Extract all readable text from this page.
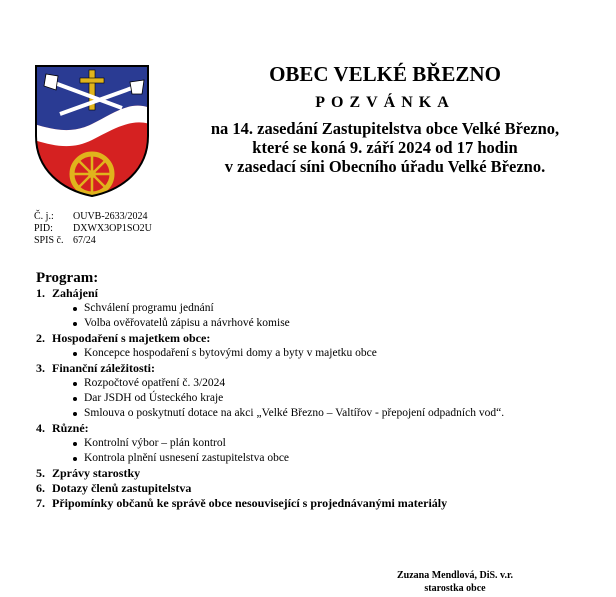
OBEC VELKÉ BŘEZNO
POZVÁNKA
na 14. zasedání Zastupitelstva obce Velké Březno,
které se koná 9. září 2024 od 17 hodin
v zasedací síni Obecního úřadu Velké Březno.
Č. j.: OUVB-2633/2024
PID: DXWX3OP1SO2U
SPIS č. 67/24
Program:
1. Zahájení
Schválení programu jednání
Volba ověřovatelů zápisu a návrhové komise
2. Hospodaření s majetkem obce:
Koncepce hospodaření s bytovými domy a byty v majetku obce
3. Finanční záležitosti:
Rozpočtové opatření č. 3/2024
Dar JSDH od Ústeckého kraje
Smlouva o poskytnutí dotace na akci „Velké Březno – Valtířov - přepojení odpadních vod“.
4. Různé:
Kontrolní výbor – plán kontrol
Kontrola plnění usnesení zastupitelstva obce
5. Zprávy starostky
6. Dotazy členů zastupitelstva
7. Připomínky občanů ke správě obce nesouvisející s projednávanými materiály
Zuzana Mendlová, DiS. v.r.
starostka obce
